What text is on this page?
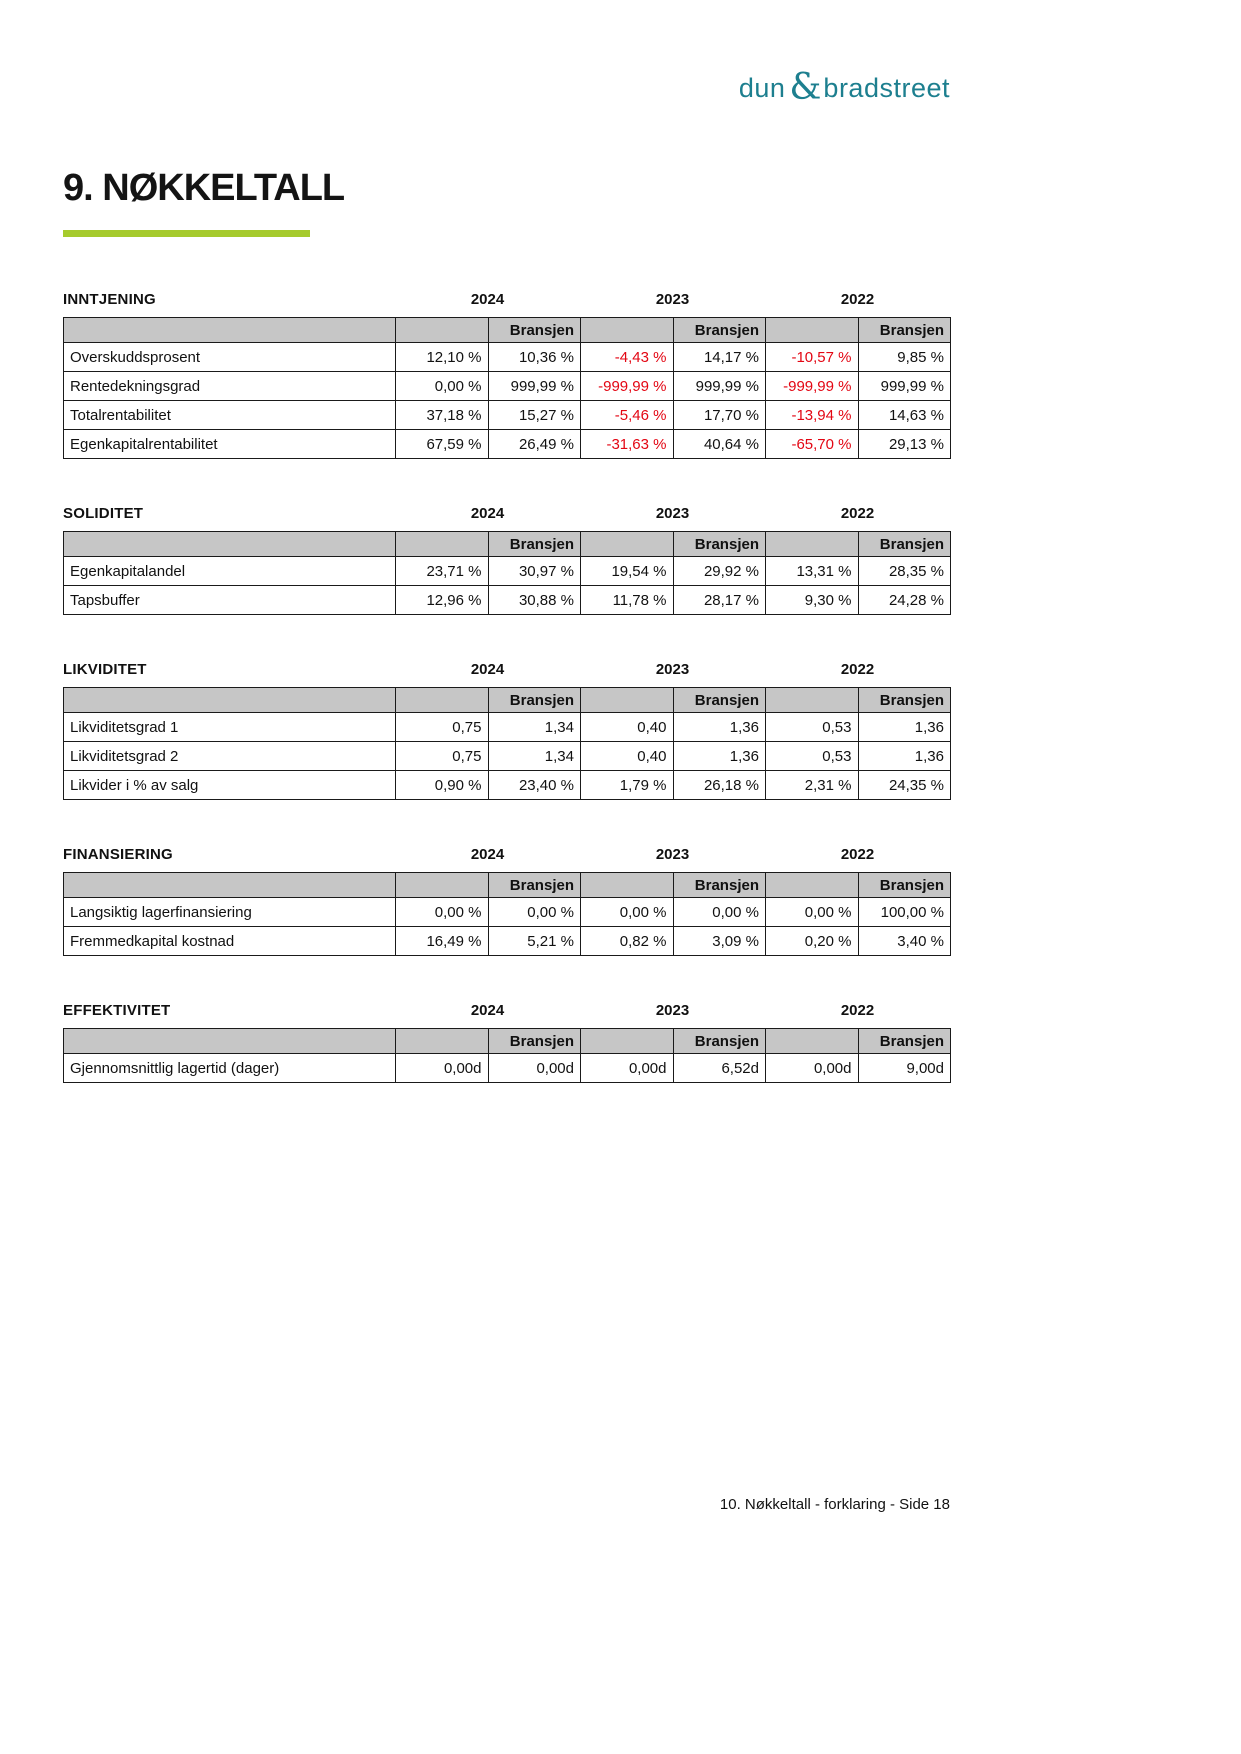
dun &bradstreet
9. NØKKELTALL
INNTJENING	2024	2023	2022
		Bransjen		Bransjen		Bransjen
Overskuddsprosent	12,10 %	10,36 %	-4,43 %	14,17 %	-10,57 %	9,85 %
Rentedekningsgrad	0,00 %	999,99 %	-999,99 %	999,99 %	-999,99 %	999,99 %
Totalrentabilitet	37,18 %	15,27 %	-5,46 %	17,70 %	-13,94 %	14,63 %
Egenkapitalrentabilitet	67,59 %	26,49 %	-31,63 %	40,64 %	-65,70 %	29,13 %
SOLIDITET	2024	2023	2022
		Bransjen		Bransjen		Bransjen
Egenkapitalandel	23,71 %	30,97 %	19,54 %	29,92 %	13,31 %	28,35 %
Tapsbuffer	12,96 %	30,88 %	11,78 %	28,17 %	9,30 %	24,28 %
LIKVIDITET	2024	2023	2022
		Bransjen		Bransjen		Bransjen
Likviditetsgrad 1	0,75	1,34	0,40	1,36	0,53	1,36
Likviditetsgrad 2	0,75	1,34	0,40	1,36	0,53	1,36
Likvider i % av salg	0,90 %	23,40 %	1,79 %	26,18 %	2,31 %	24,35 %
FINANSIERING	2024	2023	2022
		Bransjen		Bransjen		Bransjen
Langsiktig lagerfinansiering	0,00 %	0,00 %	0,00 %	0,00 %	0,00 %	100,00 %
Fremmedkapital kostnad	16,49 %	5,21 %	0,82 %	3,09 %	0,20 %	3,40 %
EFFEKTIVITET	2024	2023	2022
		Bransjen		Bransjen		Bransjen
Gjennomsnittlig lagertid (dager)	0,00d	0,00d	0,00d	6,52d	0,00d	9,00d
10. Nøkkeltall - forklaring - Side 18
